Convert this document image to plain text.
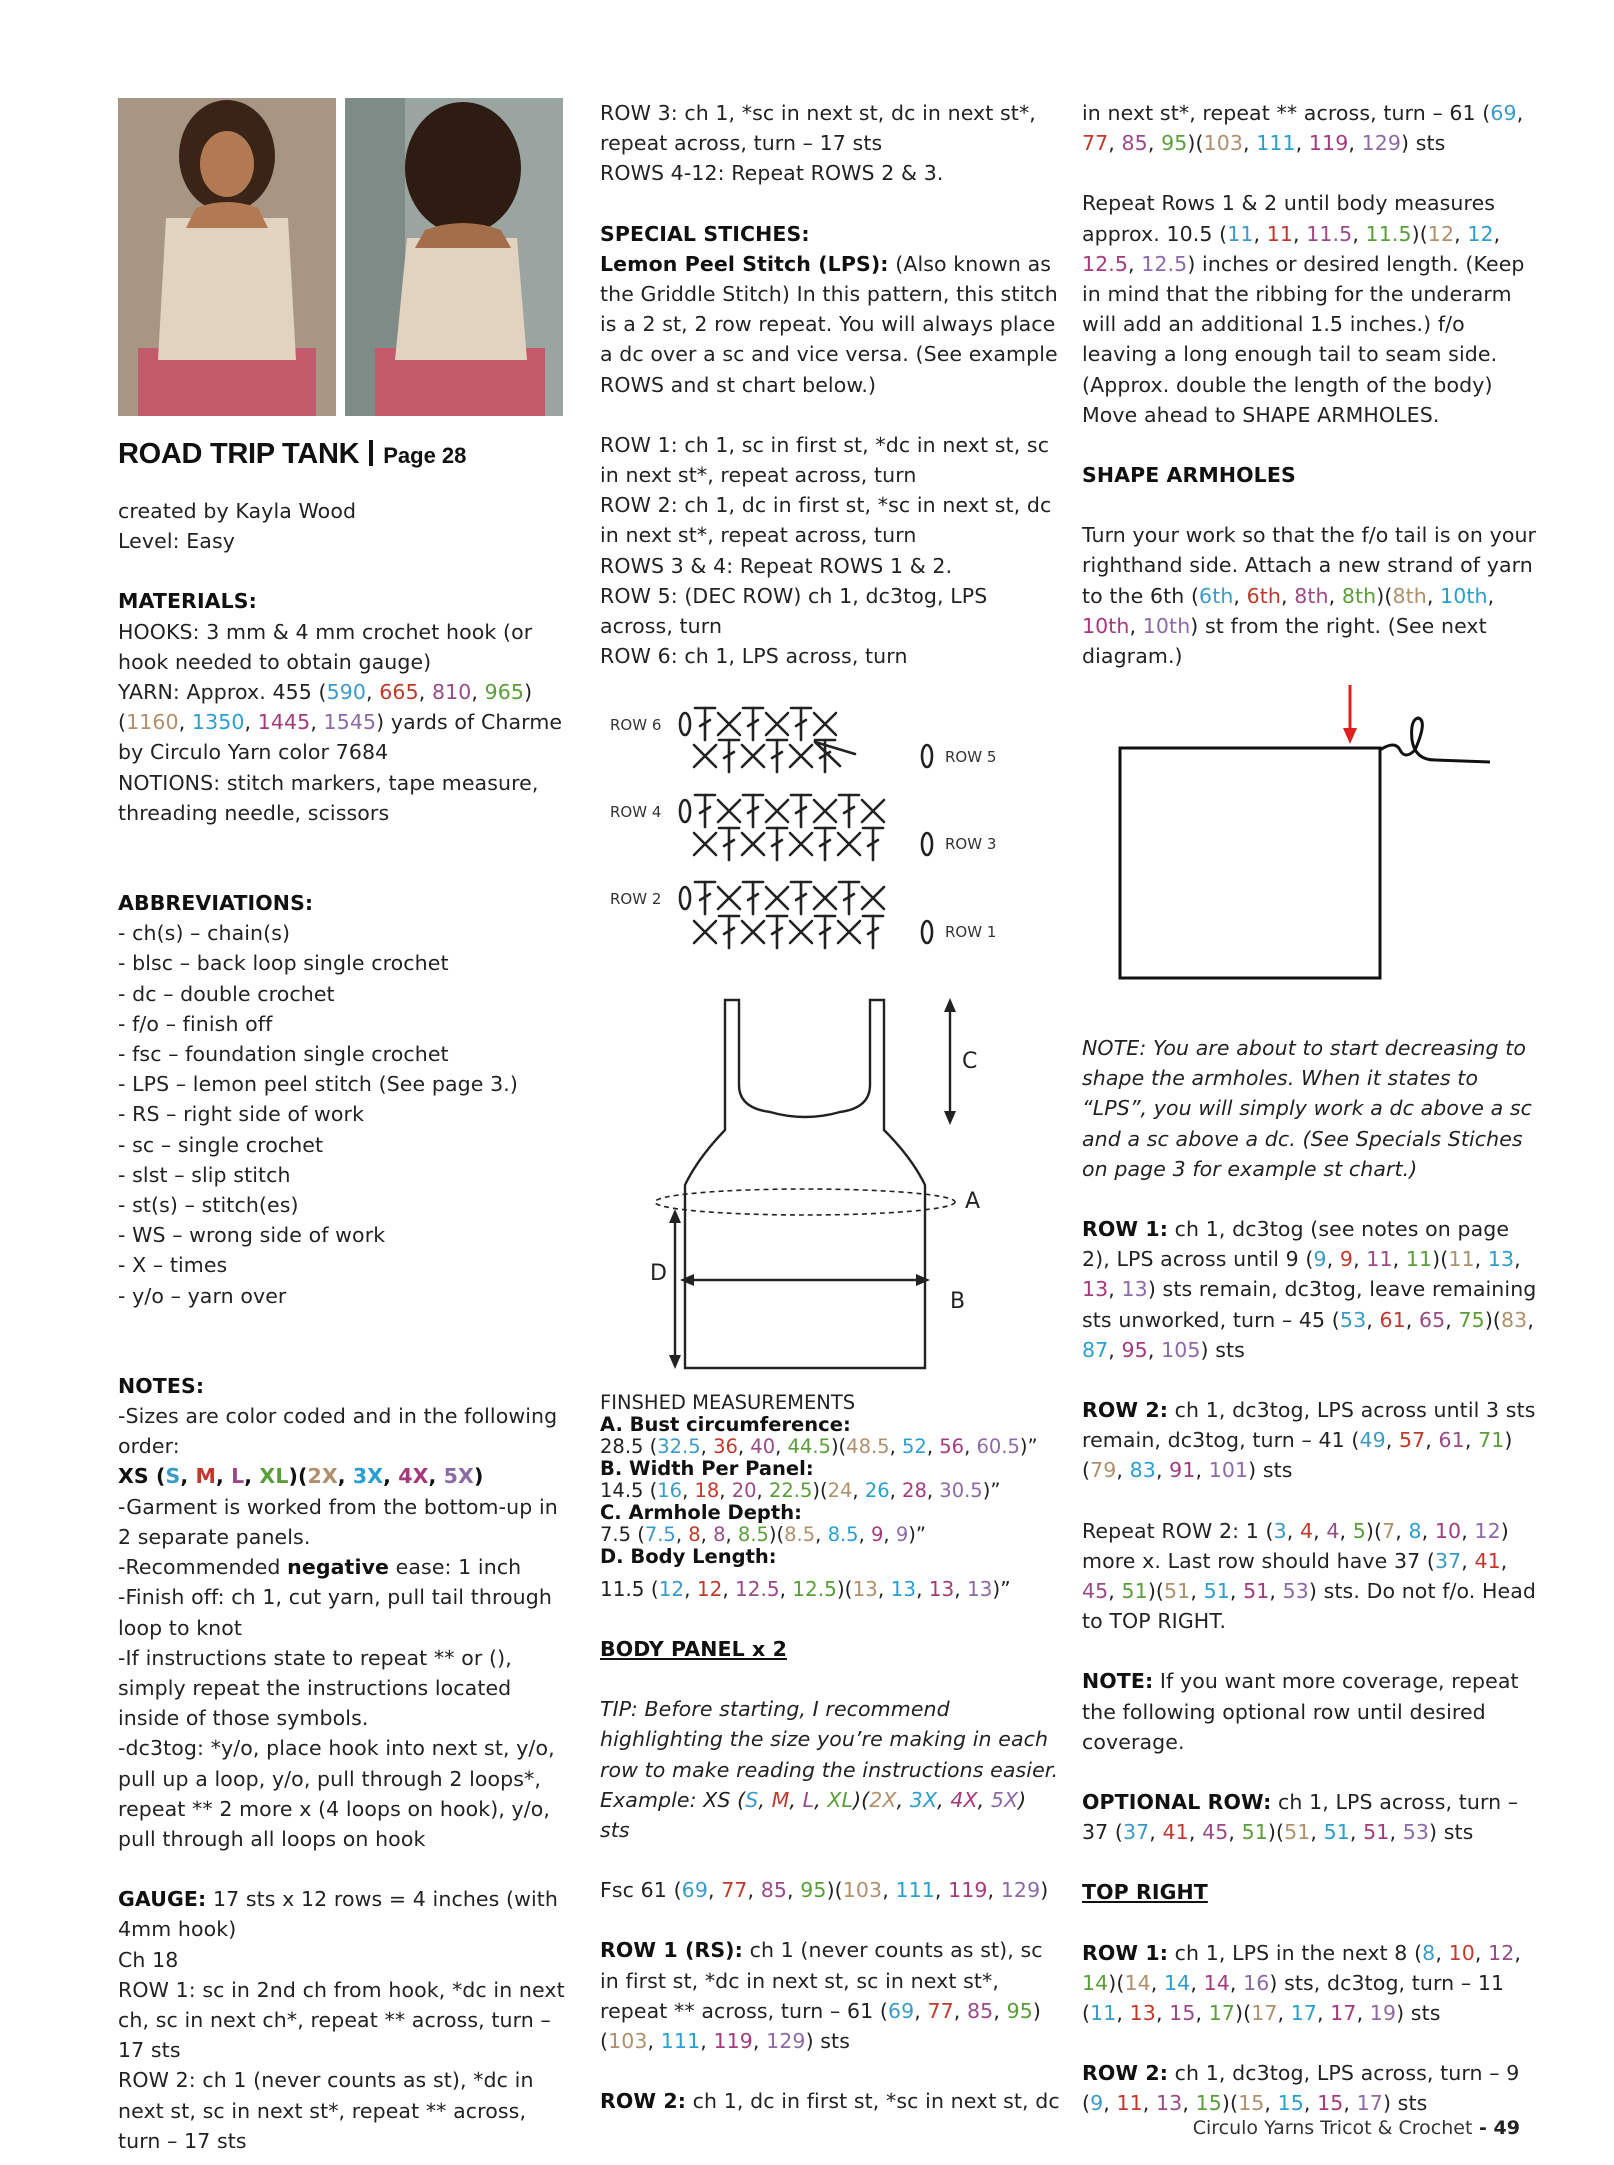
ROAD TRIP TANK Page 28

created by Kayla Wood

Level: Easy

MATERIALS:

HOOKS: 3 mm & 4 mm crochet hook (or hook needed to obtain gauge)

YARN: Approx. 455 (590, 665, 810, 965)(1160, 1350, 1445, 1545) yards of Charme by Circulo Yarn color 7684

NOTIONS: stitch markers, tape measure, threading needle, scissors

ABBREVIATIONS:

- ch(s) – chain(s)

- blsc – back loop single crochet

- dc – double crochet

- f/o – finish off

- fsc – foundation single crochet

- LPS – lemon peel stitch (See page 3.)

- RS – right side of work

- sc – single crochet

- slst – slip stitch

- st(s) – stitch(es)

- WS – wrong side of work

- X – times

- y/o – yarn over

NOTES:

-Sizes are color coded and in the following order:

XS (S, M, L, XL)(2X, 3X, 4X, 5X)

-Garment is worked from the bottom-up in 2 separate panels.

-Recommended negative ease: 1 inch

-Finish off: ch 1, cut yarn, pull tail through loop to knot

-If instructions state to repeat ** or (), simply repeat the instructions located inside of those symbols.

-dc3tog: *y/o, place hook into next st, y/o, pull up a loop, y/o, pull through 2 loops*, repeat ** 2 more x (4 loops on hook), y/o, pull through all loops on hook

GAUGE: 17 sts x 12 rows = 4 inches (with 4mm hook)

Ch 18

ROW 1: sc in 2nd ch from hook, *dc in next ch, sc in next ch*, repeat ** across, turn – 17 sts

ROW 2: ch 1 (never counts as st), *dc in next st, sc in next st*, repeat ** across, turn – 17 sts

ROW 3: ch 1, *sc in next st, dc in next st*, repeat across, turn – 17 sts

ROWS 4-12: Repeat ROWS 2 & 3.

SPECIAL STICHES:

Lemon Peel Stitch (LPS): (Also known as the Griddle Stitch) In this pattern, this stitch is a 2 st, 2 row repeat. You will always place a dc over a sc and vice versa. (See example ROWS and st chart below.)

ROW 1: ch 1, sc in first st, *dc in next st, sc in next st*, repeat across, turn

ROW 2: ch 1, dc in first st, *sc in next st, dc in next st*, repeat across, turn

ROWS 3 & 4: Repeat ROWS 1 & 2.

ROW 5: (DEC ROW) ch 1, dc3tog, LPS across, turn

ROW 6: ch 1, LPS across, turn

ROW 6
ROW 5
ROW 4
ROW 3
ROW 2
ROW 1
A
B
C
D

FINSHED MEASUREMENTS

A. Bust circumference:

28.5 (32.5, 36, 40, 44.5)(48.5, 52, 56, 60.5)”

B. Width Per Panel:

14.5 (16, 18, 20, 22.5)(24, 26, 28, 30.5)”

C. Armhole Depth:

7.5 (7.5, 8, 8, 8.5)(8.5, 8.5, 9, 9)”

D. Body Length:

11.5 (12, 12, 12.5, 12.5)(13, 13, 13, 13)”

BODY PANEL x 2

TIP: Before starting, I recommend highlighting the size you’re making in each row to make reading the instructions easier. Example: XS (S, M, L, XL)(2X, 3X, 4X, 5X) sts

Fsc 61 (69, 77, 85, 95)(103, 111, 119, 129)

ROW 1 (RS): ch 1 (never counts as st), sc in first st, *dc in next st, sc in next st*, repeat ** across, turn – 61 (69, 77, 85, 95)(103, 111, 119, 129) sts

ROW 2: ch 1, dc in first st, *sc in next st, dc

in next st*, repeat ** across, turn – 61 (69, 77, 85, 95)(103, 111, 119, 129) sts

Repeat Rows 1 & 2 until body measures approx. 10.5 (11, 11, 11.5, 11.5)(12, 12, 12.5, 12.5) inches or desired length. (Keep in mind that the ribbing for the underarm will add an additional 1.5 inches.) f/o leaving a long enough tail to seam side. (Approx. double the length of the body) Move ahead to SHAPE ARMHOLES.

SHAPE ARMHOLES

Turn your work so that the f/o tail is on your righthand side. Attach a new strand of yarn to the 6th (6th, 6th, 8th, 8th)(8th, 10th, 10th, 10th) st from the right. (See next diagram.)

NOTE: You are about to start decreasing to shape the armholes. When it states to “LPS”, you will simply work a dc above a sc and a sc above a dc. (See Specials Stiches on page 3 for example st chart.)

ROW 1: ch 1, dc3tog (see notes on page 2), LPS across until 9 (9, 9, 11, 11)(11, 13, 13, 13) sts remain, dc3tog, leave remaining sts unworked, turn – 45 (53, 61, 65, 75)(83, 87, 95, 105) sts

ROW 2: ch 1, dc3tog, LPS across until 3 sts remain, dc3tog, turn – 41 (49, 57, 61, 71)(79, 83, 91, 101) sts

Repeat ROW 2: 1 (3, 4, 4, 5)(7, 8, 10, 12) more x. Last row should have 37 (37, 41, 45, 51)(51, 51, 51, 53) sts. Do not f/o. Head to TOP RIGHT.

NOTE: If you want more coverage, repeat the following optional row until desired coverage.

OPTIONAL ROW: ch 1, LPS across, turn –37 (37, 41, 45, 51)(51, 51, 51, 53) sts

TOP RIGHT

ROW 1: ch 1, LPS in the next 8 (8, 10, 12, 14)(14, 14, 14, 16) sts, dc3tog, turn – 11 (11, 13, 15, 17)(17, 17, 17, 19) sts

ROW 2: ch 1, dc3tog, LPS across, turn – 9 (9, 11, 13, 15)(15, 15, 15, 17) sts

Circulo Yarns Tricot & Crochet - 49
